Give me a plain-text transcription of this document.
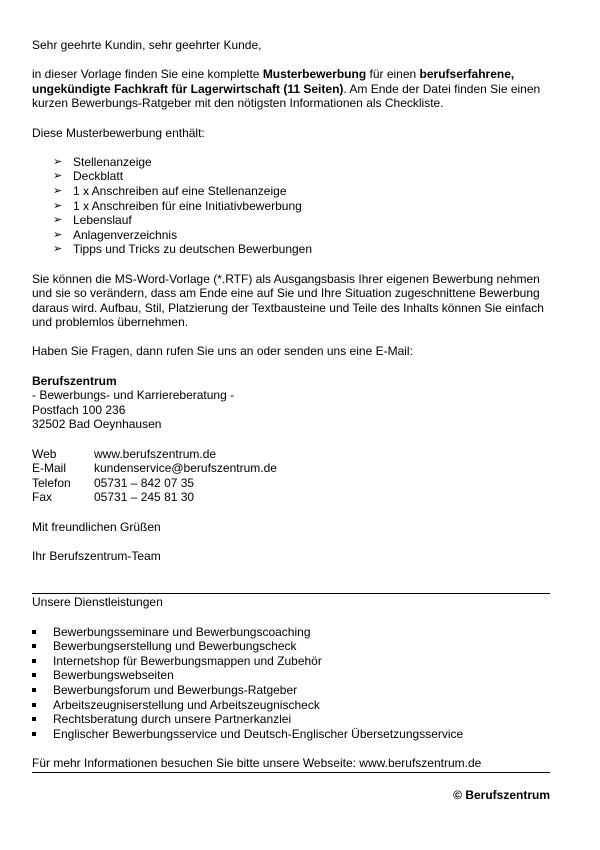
Sehr geehrte Kundin, sehr geehrter Kunde,

in dieser Vorlage finden Sie eine komplette Musterbewerbung für einen berufserfahrene, ungekündigte Fachkraft für Lagerwirtschaft (11 Seiten). Am Ende der Datei finden Sie einen kurzen Bewerbungs-Ratgeber mit den nötigsten Informationen als Checkliste.

Diese Musterbewerbung enthält:

➢ Stellenanzeige
➢ Deckblatt
➢ 1 x Anschreiben auf eine Stellenanzeige
➢ 1 x Anschreiben für eine Initiativbewerbung
➢ Lebenslauf
➢ Anlagenverzeichnis
➢ Tipps und Tricks zu deutschen Bewerbungen

Sie können die MS-Word-Vorlage (*.RTF) als Ausgangsbasis Ihrer eigenen Bewerbung nehmen und sie so verändern, dass am Ende eine auf Sie und Ihre Situation zugeschnittene Bewerbung daraus wird. Aufbau, Stil, Platzierung der Textbausteine und Teile des Inhalts können Sie einfach und problemlos übernehmen.

Haben Sie Fragen, dann rufen Sie uns an oder senden uns eine E-Mail:

Berufszentrum

- Bewerbungs- und Karriereberatung -

Postfach 100 236

32502 Bad Oeynhausen

Web	www.berufszentrum.de
E-Mail	kundenservice@berufszentrum.de
Telefon	05731 – 842 07 35
Fax	05731 – 245 81 30

Mit freundlichen Grüßen

Ihr Berufszentrum-Team

Unsere Dienstleistungen

Bewerbungsseminare und Bewerbungscoaching
Bewerbungserstellung und Bewerbungscheck
Internetshop für Bewerbungsmappen und Zubehör
Bewerbungswebseiten
Bewerbungsforum und Bewerbungs-Ratgeber
Arbeitszeugniserstellung und Arbeitszeugnischeck
Rechtsberatung durch unsere Partnerkanzlei
Englischer Bewerbungsservice und Deutsch-Englischer Übersetzungsservice

Für mehr Informationen besuchen Sie bitte unsere Webseite: www.berufszentrum.de

© Berufszentrum
